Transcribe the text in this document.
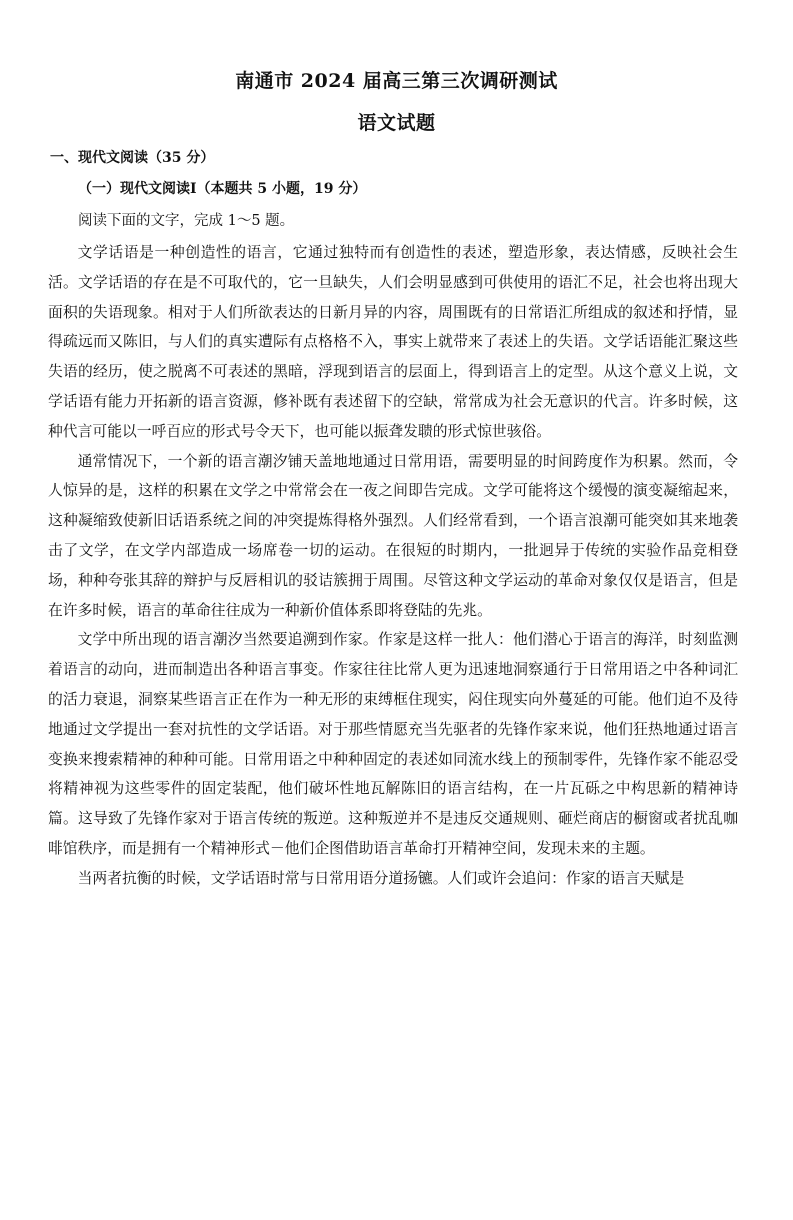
南通市 2024 届高三第三次调研测试
语文试题
一、现代文阅读（35 分）
（一）现代文阅读Ⅰ（本题共 5 小题，19 分）
阅读下面的文字，完成 1～5 题。

文学话语是一种创造性的语言，它通过独特而有创造性的表述，塑造形象，表达情感，反映社会生活。文学话语的存在是不可取代的，它一旦缺失，人们会明显感到可供使用的语汇不足，社会也将出现大面积的失语现象。相对于人们所欲表达的日新月异的内容，周围既有的日常语汇所组成的叙述和抒情，显得疏远而又陈旧，与人们的真实遭际有点格格不入，事实上就带来了表述上的失语。文学话语能汇聚这些失语的经历，使之脱离不可表述的黑暗，浮现到语言的层面上，得到语言上的定型。从这个意义上说，文学话语有能力开拓新的语言资源，修补既有表述留下的空缺，常常成为社会无意识的代言。许多时候，这种代言可能以一呼百应的形式号令天下，也可能以振聋发聩的形式惊世骇俗。

通常情况下，一个新的语言潮汐铺天盖地地通过日常用语，需要明显的时间跨度作为积累。然而，令人惊异的是，这样的积累在文学之中常常会在一夜之间即告完成。文学可能将这个缓慢的演变凝缩起来，这种凝缩致使新旧话语系统之间的冲突提炼得格外强烈。人们经常看到，一个语言浪潮可能突如其来地袭击了文学，在文学内部造成一场席卷一切的运动。在很短的时期内，一批迥异于传统的实验作品竞相登场，种种夸张其辞的辩护与反唇相讥的驳诘簇拥于周围。尽管这种文学运动的革命对象仅仅是语言，但是在许多时候，语言的革命往往成为一种新价值体系即将登陆的先兆。

文学中所出现的语言潮汐当然要追溯到作家。作家是这样一批人：他们潜心于语言的海洋，时刻监测着语言的动向，进而制造出各种语言事变。作家往往比常人更为迅速地洞察通行于日常用语之中各种词汇的活力衰退，洞察某些语言正在作为一种无形的束缚框住现实，闷住现实向外蔓延的可能。他们迫不及待地通过文学提出一套对抗性的文学话语。对于那些情愿充当先驱者的先锋作家来说，他们狂热地通过语言变换来搜索精神的种种可能。日常用语之中种种固定的表述如同流水线上的预制零件，先锋作家不能忍受将精神视为这些零件的固定装配，他们破坏性地瓦解陈旧的语言结构，在一片瓦砾之中构思新的精神诗篇。这导致了先锋作家对于语言传统的叛逆。这种叛逆并不是违反交通规则、砸烂商店的橱窗或者扰乱咖啡馆秩序，而是拥有一个精神形式－他们企图借助语言革命打开精神空间，发现未来的主题。

当两者抗衡的时候，文学话语时常与日常用语分道扬镳。人们或许会追问：作家的语言天赋是
